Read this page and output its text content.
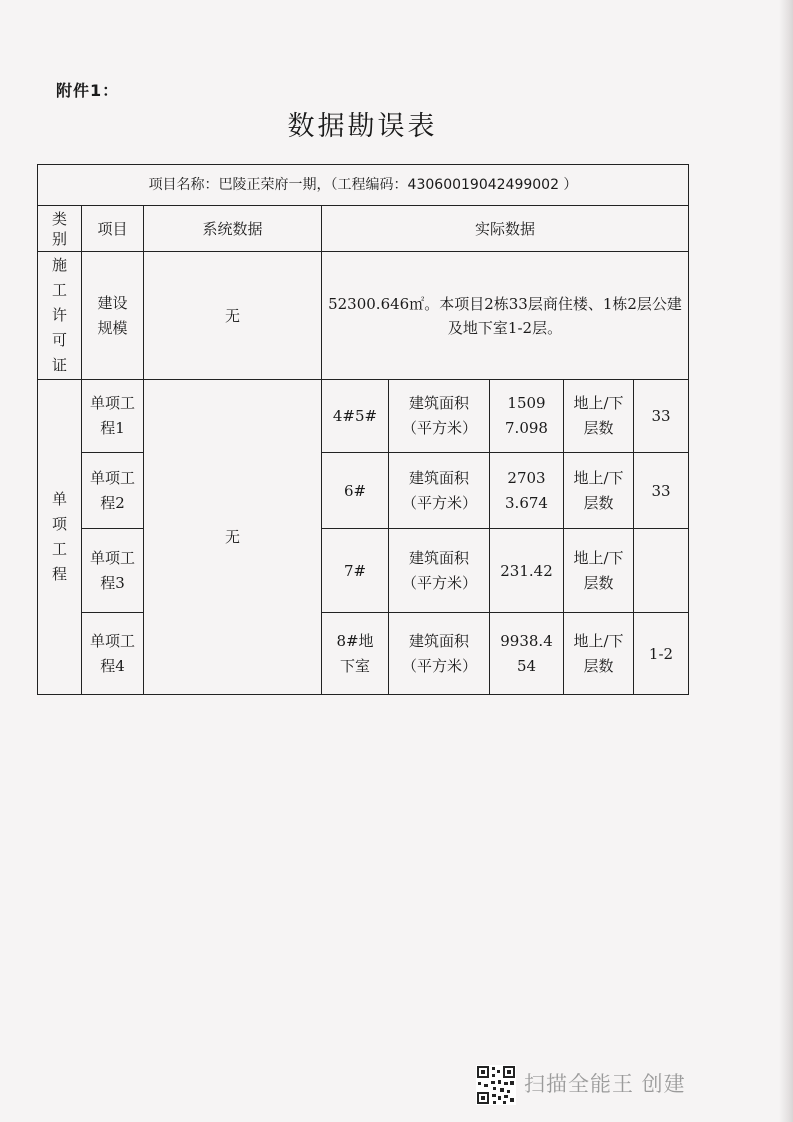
附件1：
数据勘误表
项目名称：巴陵正荣府一期，（工程编码：43060019042499002 ）							

类别	项目	系统数据	实际数据				

施工许可证	建设规模	无	52300.646㎡。本项目2栋33层商住楼、1栋2层公建及地下室1-2层。				

单项工程	单项工程1	无	4#5#	建筑面积（平方米）	15097.098	地上/下层数	33

	单项工程2		6#	建筑面积（平方米）	27033.674	地上/下层数	33

	单项工程3		7#	建筑面积（平方米）	231.42	地上/下层数	

	单项工程4		8#地下室	建筑面积（平方米）	9938.454	地上/下层数	1-2
扫描全能王 创建
